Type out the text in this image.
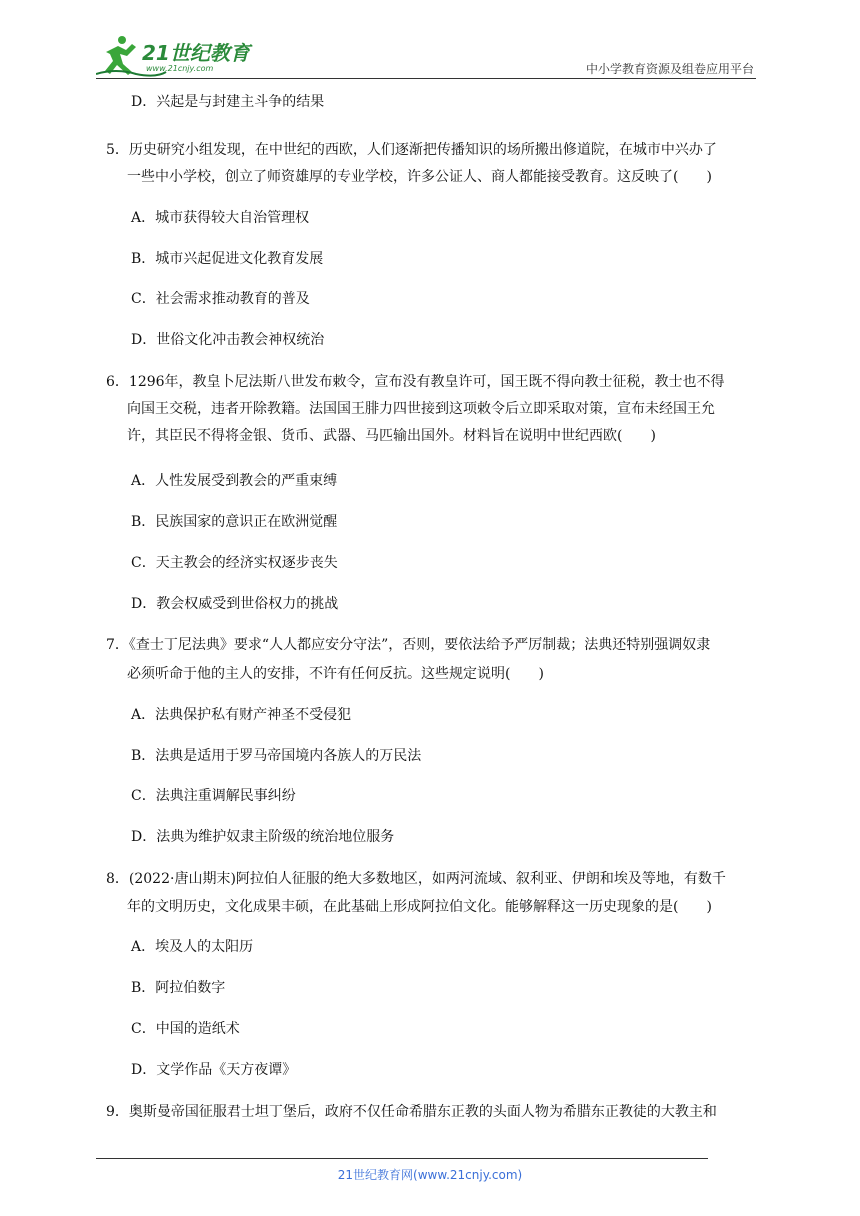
21世纪教育
www.21cnjy.com	中小学教育资源及组卷应用平台
D．兴起是与封建主斗争的结果
5．历史研究小组发现，在中世纪的西欧，人们逐渐把传播知识的场所搬出修道院，在城市中兴办了
一些中小学校，创立了师资雄厚的专业学校，许多公证人、商人都能接受教育。这反映了(　　)
A．城市获得较大自治管理权
B．城市兴起促进文化教育发展
C．社会需求推动教育的普及
D．世俗文化冲击教会神权统治
6．1296年，教皇卜尼法斯八世发布敕令，宣布没有教皇许可，国王既不得向教士征税，教士也不得
向国王交税，违者开除教籍。法国国王腓力四世接到这项敕令后立即采取对策，宣布未经国王允
许，其臣民不得将金银、货币、武器、马匹输出国外。材料旨在说明中世纪西欧(　　)
A．人性发展受到教会的严重束缚
B．民族国家的意识正在欧洲觉醒
C．天主教会的经济实权逐步丧失
D．教会权威受到世俗权力的挑战
7．《查士丁尼法典》要求“人人都应安分守法”，否则，要依法给予严厉制裁；法典还特别强调奴隶
必须听命于他的主人的安排，不许有任何反抗。这些规定说明(　　)
A．法典保护私有财产神圣不受侵犯
B．法典是适用于罗马帝国境内各族人的万民法
C．法典注重调解民事纠纷
D．法典为维护奴隶主阶级的统治地位服务
8．(2022·唐山期末)阿拉伯人征服的绝大多数地区，如两河流域、叙利亚、伊朗和埃及等地，有数千
年的文明历史，文化成果丰硕，在此基础上形成阿拉伯文化。能够解释这一历史现象的是(　　)
A．埃及人的太阳历
B．阿拉伯数字
C．中国的造纸术
D．文学作品《天方夜谭》
9．奥斯曼帝国征服君士坦丁堡后，政府不仅任命希腊东正教的头面人物为希腊东正教徒的大教主和
21世纪教育网(www.21cnjy.com)
